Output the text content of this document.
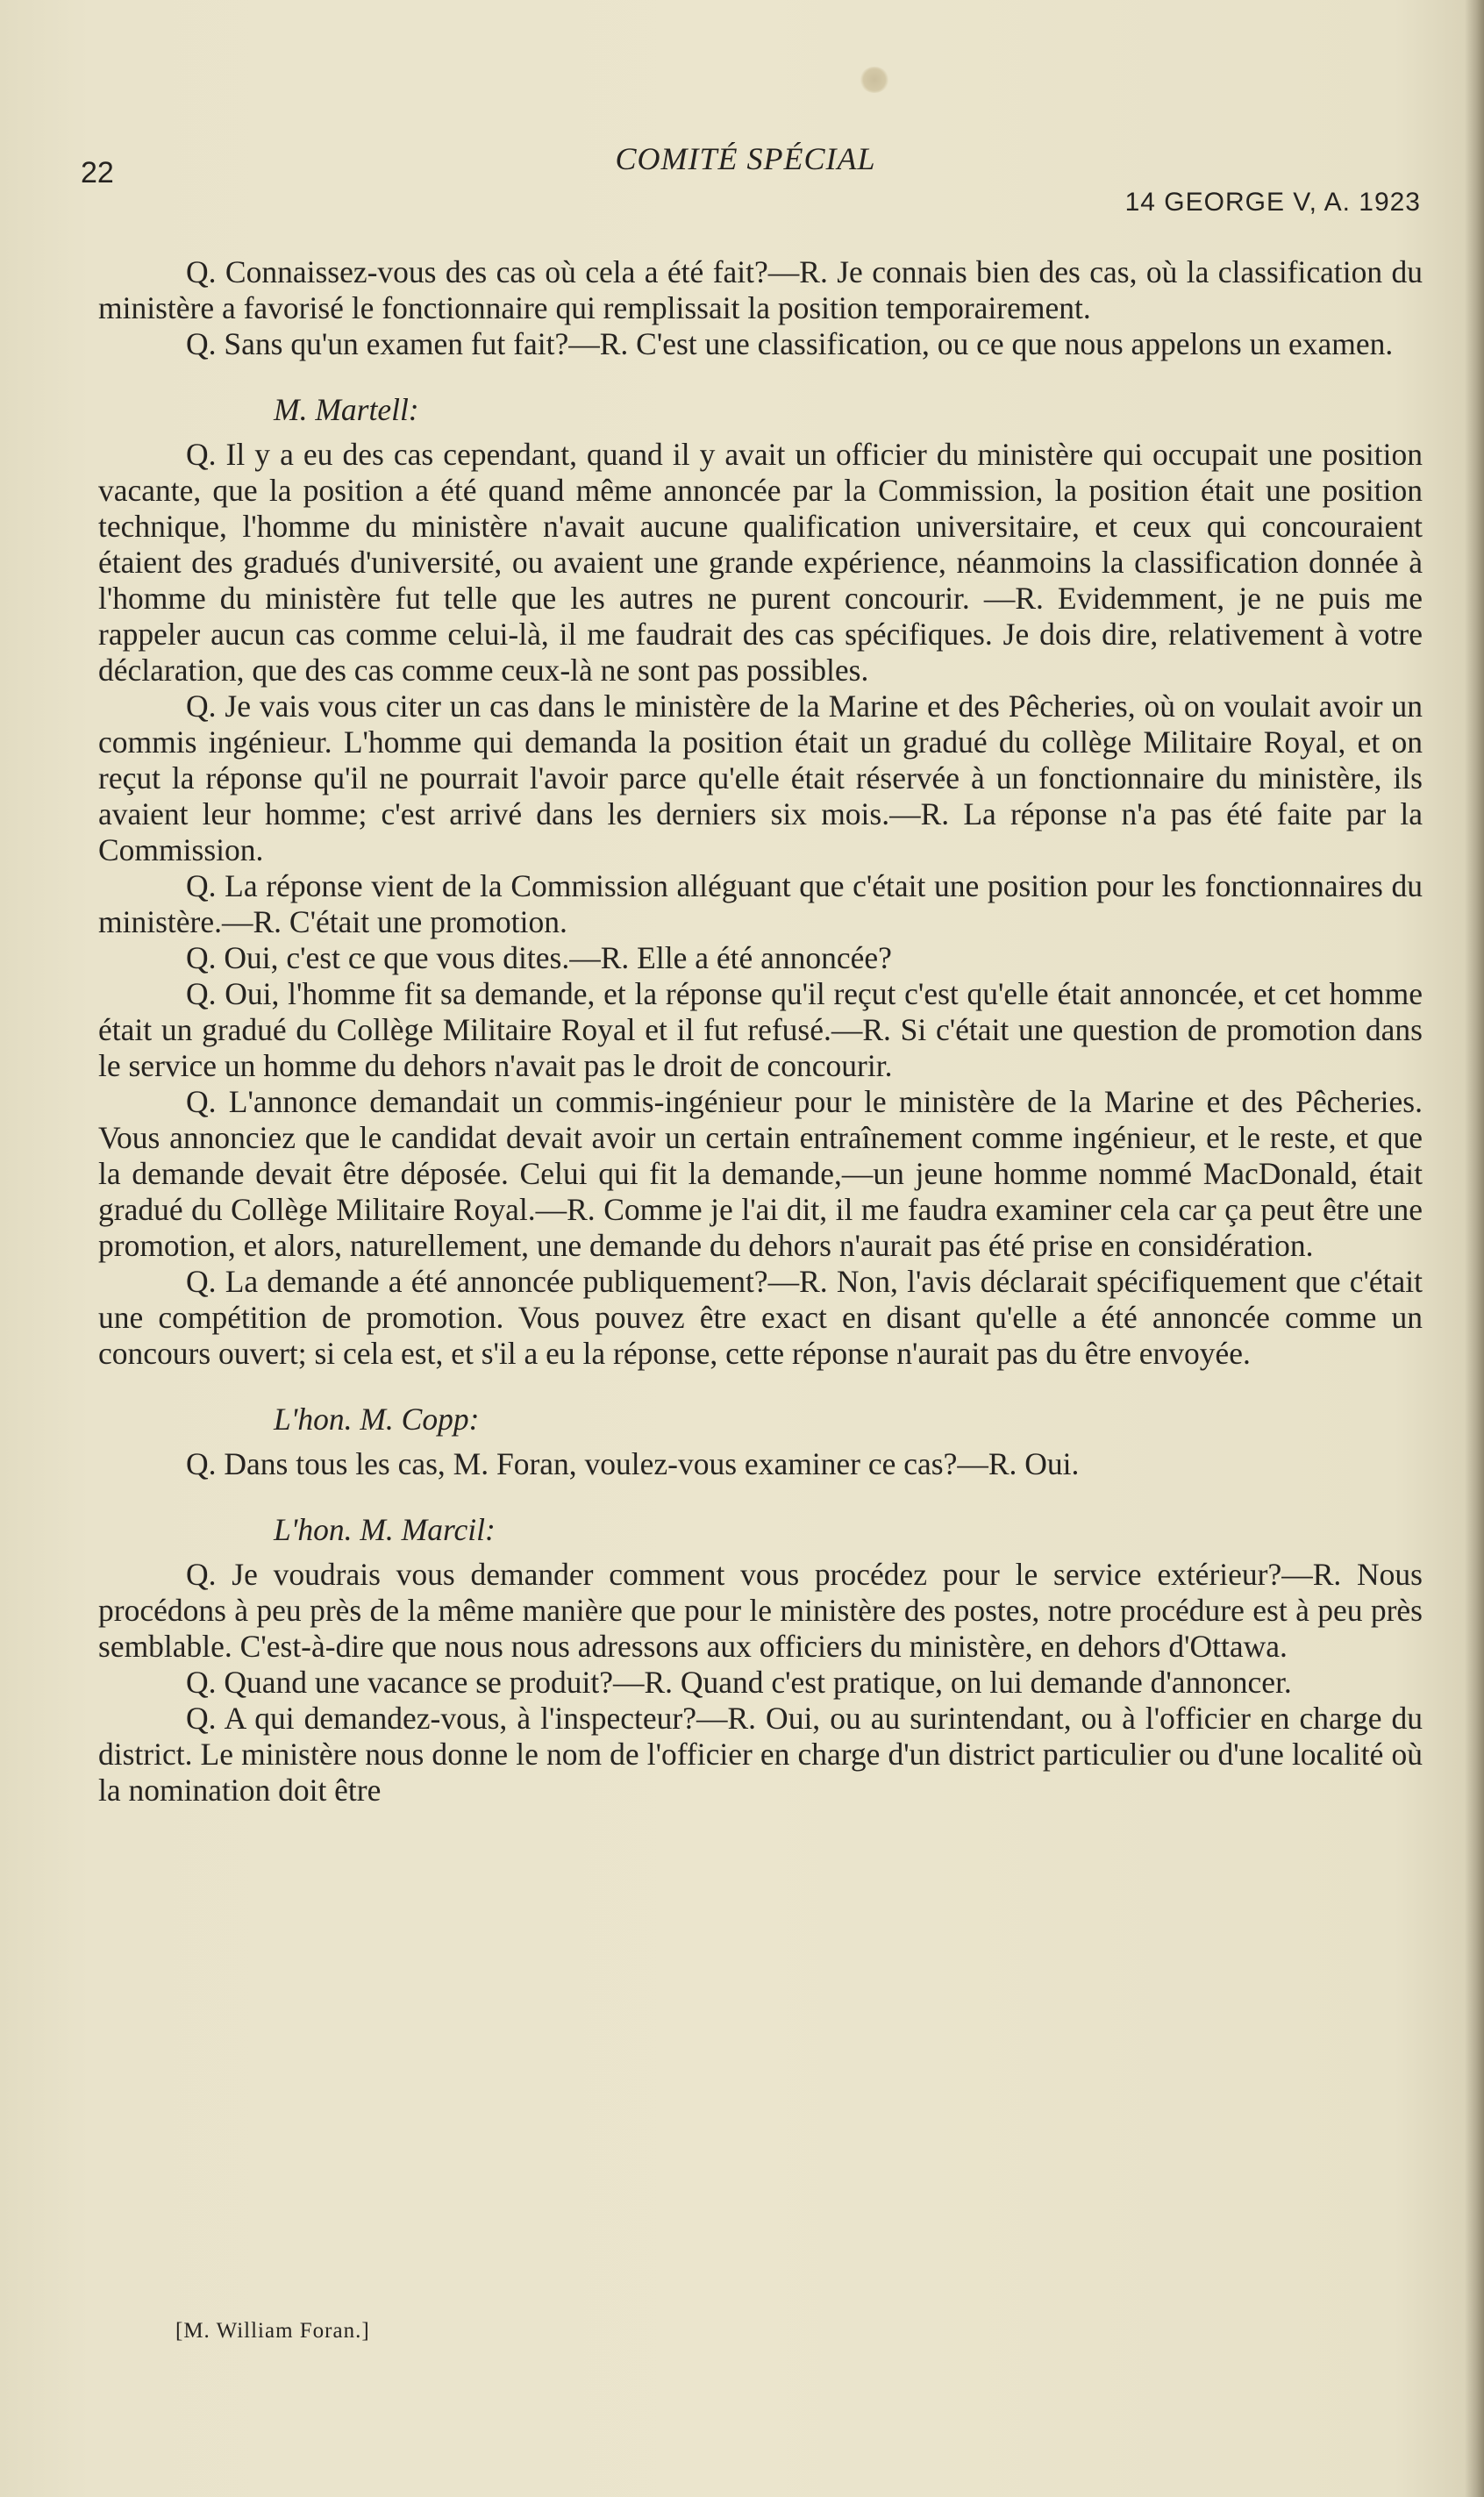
22	COMITÉ SPÉCIAL
14 GEORGE V, A. 1923

Q. Connaissez-vous des cas où cela a été fait?—R. Je connais bien des cas, où la classification du ministère a favorisé le fonctionnaire qui remplissait la position temporairement.

Q. Sans qu'un examen fut fait?—R. C'est une classification, ou ce que nous appelons un examen.

M. Martell:

Q. Il y a eu des cas cependant, quand il y avait un officier du ministère qui occupait une position vacante, que la position a été quand même annoncée par la Commission, la position était une position technique, l'homme du ministère n'avait aucune qualification universitaire, et ceux qui concouraient étaient des gradués d'université, ou avaient une grande expérience, néanmoins la classification donnée à l'homme du ministère fut telle que les autres ne purent concourir. —R. Evidemment, je ne puis me rappeler aucun cas comme celui-là, il me faudrait des cas spécifiques. Je dois dire, relativement à votre déclaration, que des cas comme ceux-là ne sont pas possibles.

Q. Je vais vous citer un cas dans le ministère de la Marine et des Pêcheries, où on voulait avoir un commis ingénieur. L'homme qui demanda la position était un gradué du collège Militaire Royal, et on reçut la réponse qu'il ne pourrait l'avoir parce qu'elle était réservée à un fonctionnaire du ministère, ils avaient leur homme; c'est arrivé dans les derniers six mois.—R. La réponse n'a pas été faite par la Commission.

Q. La réponse vient de la Commission alléguant que c'était une position pour les fonctionnaires du ministère.—R. C'était une promotion.

Q. Oui, c'est ce que vous dites.—R. Elle a été annoncée?

Q. Oui, l'homme fit sa demande, et la réponse qu'il reçut c'est qu'elle était annoncée, et cet homme était un gradué du Collège Militaire Royal et il fut refusé.—R. Si c'était une question de promotion dans le service un homme du dehors n'avait pas le droit de concourir.

Q. L'annonce demandait un commis-ingénieur pour le ministère de la Marine et des Pêcheries. Vous annonciez que le candidat devait avoir un certain entraînement comme ingénieur, et le reste, et que la demande devait être déposée. Celui qui fit la demande,—un jeune homme nommé MacDonald, était gradué du Collège Militaire Royal.—R. Comme je l'ai dit, il me faudra examiner cela car ça peut être une promotion, et alors, naturellement, une demande du dehors n'aurait pas été prise en considération.

Q. La demande a été annoncée publiquement?—R. Non, l'avis déclarait spécifiquement que c'était une compétition de promotion. Vous pouvez être exact en disant qu'elle a été annoncée comme un concours ouvert; si cela est, et s'il a eu la réponse, cette réponse n'aurait pas du être envoyée.

L'hon. M. Copp:

Q. Dans tous les cas, M. Foran, voulez-vous examiner ce cas?—R. Oui.

L'hon. M. Marcil:

Q. Je voudrais vous demander comment vous procédez pour le service extérieur?—R. Nous procédons à peu près de la même manière que pour le ministère des postes, notre procédure est à peu près semblable. C'est-à-dire que nous nous adressons aux officiers du ministère, en dehors d'Ottawa.

Q. Quand une vacance se produit?—R. Quand c'est pratique, on lui demande d'annoncer.

Q. A qui demandez-vous, à l'inspecteur?—R. Oui, ou au surintendant, ou à l'officier en charge du district. Le ministère nous donne le nom de l'officier en charge d'un district particulier ou d'une localité où la nomination doit être

[M. William Foran.]
